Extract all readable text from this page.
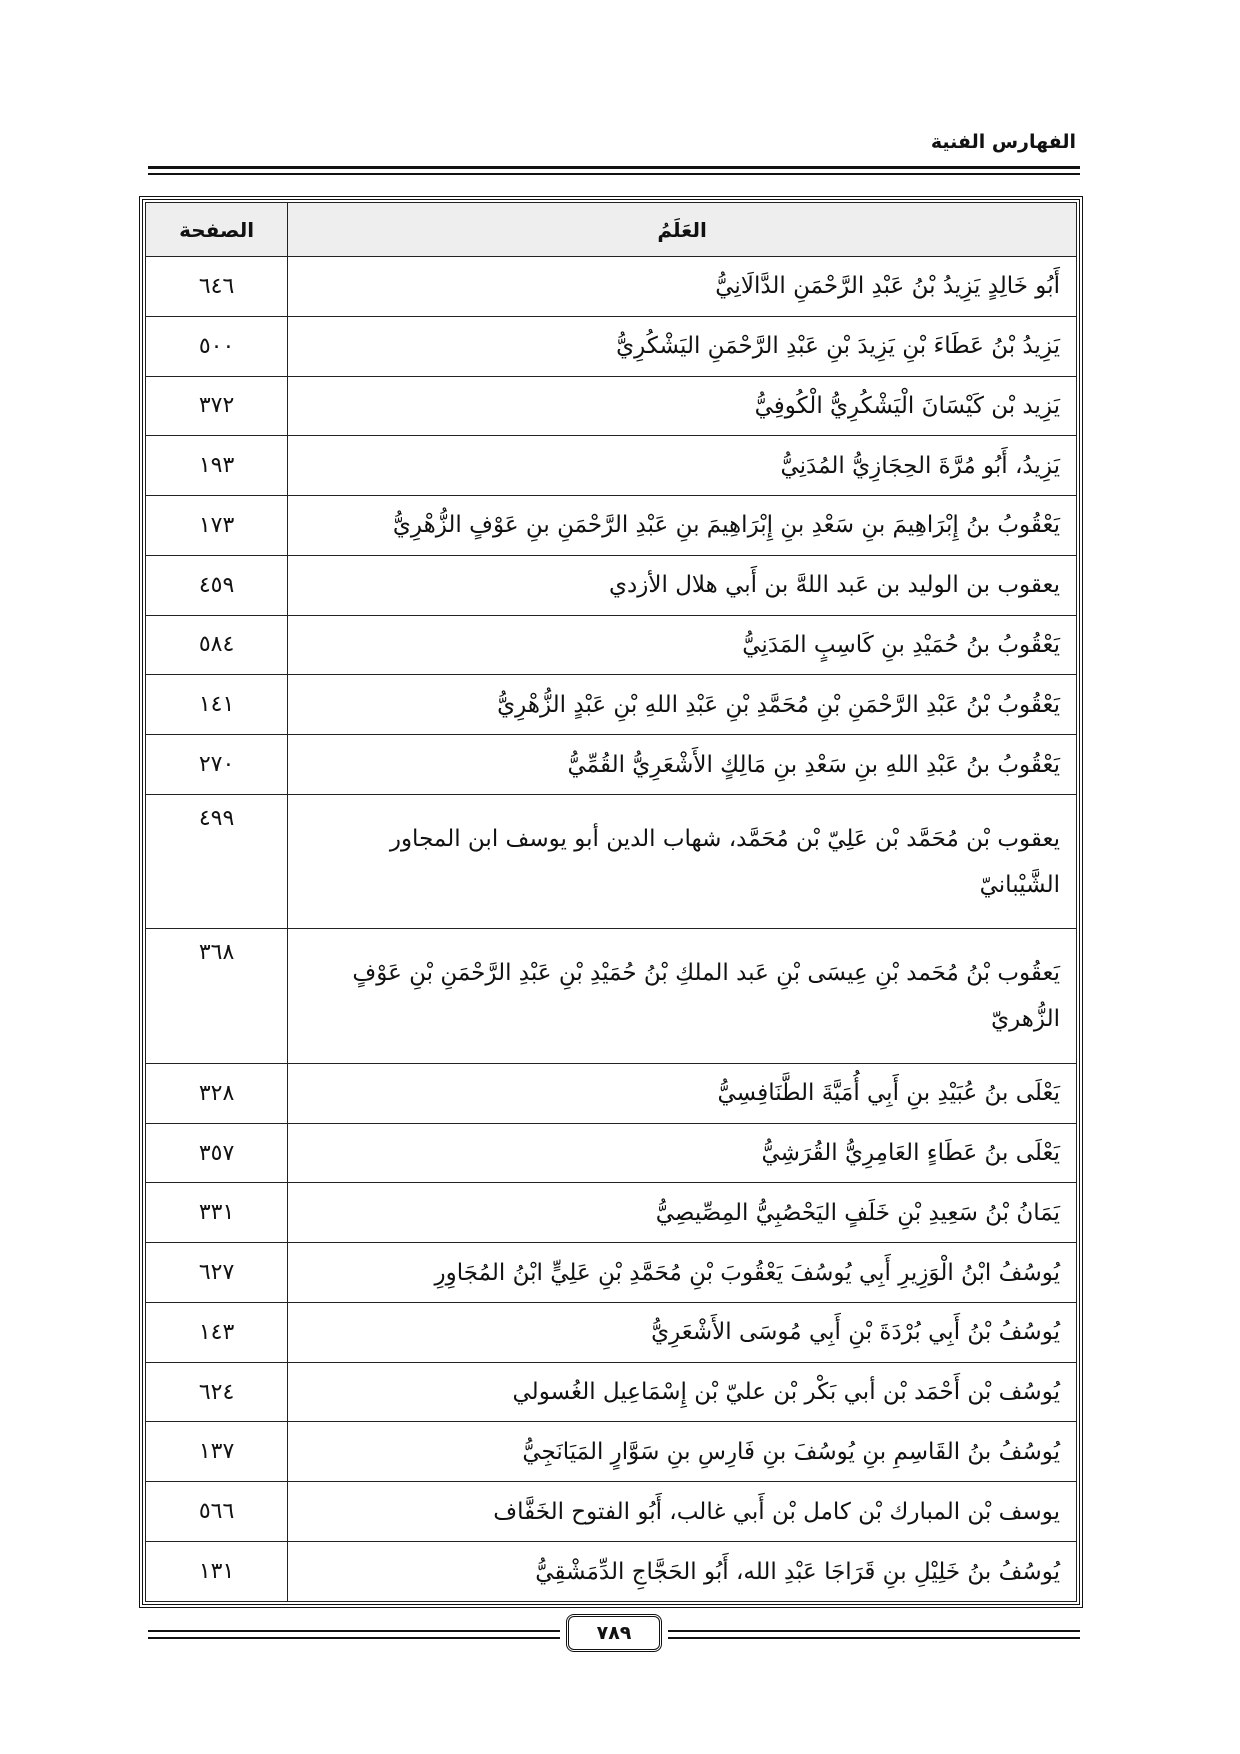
الفهارس الفنية
العَلَمُ	الصفحة
أَبُو خَالِدٍ يَزِيدُ بْنُ عَبْدِ الرَّحْمَنِ الدَّالَانِيُّ	٦٤٦
يَزِيدُ بْنُ عَطَاءَ بْنِ يَزِيدَ بْنِ عَبْدِ الرَّحْمَنِ اليَشْكُرِيُّ	٥٠٠
يَزِيد بْن كَيْسَانَ الْيَشْكُرِيُّ الْكُوفِيُّ	٣٧٢
يَزِيدُ، أَبُو مُرَّةَ الحِجَازِيُّ المُدَنِيُّ	١٩٣
يَعْقُوبُ بنُ إِبْرَاهِيمَ بنِ سَعْدِ بنِ إِبْرَاهِيمَ بنِ عَبْدِ الرَّحْمَنِ بنِ عَوْفٍ الزُّهْرِيُّ	١٧٣
يعقوب بن الوليد بن عَبد اللهَّ بن أَبي هلال الأزدي	٤٥٩
يَعْقُوبُ بنُ حُمَيْدِ بنِ كَاسِبٍ المَدَنِيُّ	٥٨٤
يَعْقُوبُ بْنُ عَبْدِ الرَّحْمَنِ بْنِ مُحَمَّدِ بْنِ عَبْدِ اللهِ بْنِ عَبْدٍ الزُّهْرِيُّ	١٤١
يَعْقُوبُ بنُ عَبْدِ اللهِ بنِ سَعْدِ بنِ مَالِكٍ الأَشْعَرِيُّ القُمِّيُّ	٢٧٠
يعقوب بْن مُحَمَّد بْن عَلِيّ بْن مُحَمَّد، شهاب الدين أبو يوسف ابن المجاور الشَّيْبانيّ	٤٩٩
يَعقُوب بْنُ مُحَمد بْنِ عِيسَى بْنِ عَبد الملكِ بْنُ حُمَيْدِ بْنِ عَبْدِ الرَّحْمَنِ بْنِ عَوْفٍ الزُّهريّ	٣٦٨
يَعْلَى بنُ عُبَيْدِ بنِ أَبِي أُمَيَّةَ الطَّنَافِسِيُّ	٣٢٨
يَعْلَى بنُ عَطَاءٍ العَامِرِيُّ القُرَشِيُّ	٣٥٧
يَمَانُ بْنُ سَعِيدِ بْنِ خَلَفٍ اليَحْصُبِيُّ المِصِّيصِيُّ	٣٣١
يُوسُفُ ابْنُ الْوَزِيرِ أَبِي يُوسُفَ يَعْقُوبَ بْنِ مُحَمَّدِ بْنِ عَلِيٍّ ابْنُ المُجَاوِرِ	٦٢٧
يُوسُفُ بْنُ أَبِي بُرْدَةَ بْنِ أَبِي مُوسَى الأَشْعَرِيُّ	١٤٣
يُوسُف بْن أَحْمَد بْن أبي بَكْر بْن عليّ بْن إِسْمَاعِيل الغُسولي	٦٢٤
يُوسُفُ بنُ القَاسِمِ بنِ يُوسُفَ بنِ فَارِسِ بنِ سَوَّارٍ المَيَانَجِيُّ	١٣٧
يوسف بْن المبارك بْن كامل بْن أَبي غالب، أَبُو الفتوح الخَفَّاف	٥٦٦
يُوسُفُ بنُ خَلِيْلِ بنِ قَرَاجَا عَبْدِ الله، أَبُو الحَجَّاجِ الدِّمَشْقِيُّ	١٣١
٧٨٩
